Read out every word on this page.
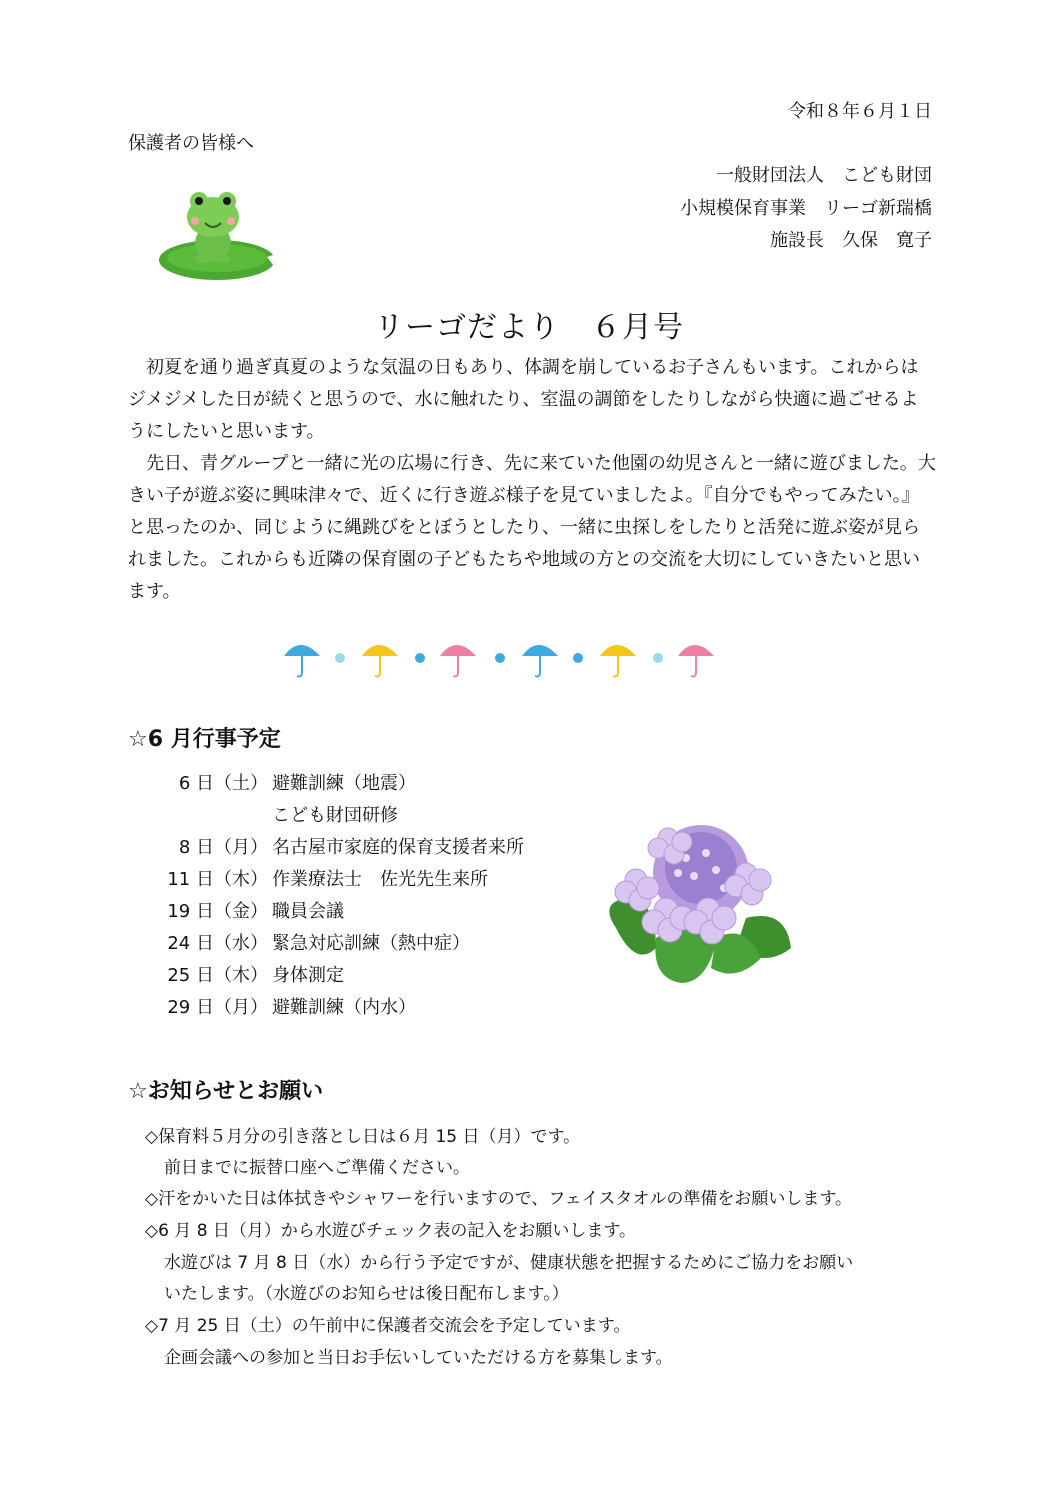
令和８年６月１日
保護者の皆様へ
一般財団法人　こども財団
小規模保育事業　リーゴ新瑞橋
施設長　久保　寛子
リーゴだより　６月号

　初夏を通り過ぎ真夏のような気温の日もあり、体調を崩しているお子さんもいます。これからはジメジメした日が続くと思うので、水に触れたり、室温の調節をしたりしながら快適に過ごせるようにしたいと思います。

　先日、青グループと一緒に光の広場に行き、先に来ていた他園の幼児さんと一緒に遊びました。大きい子が遊ぶ姿に興味津々で、近くに行き遊ぶ様子を見ていましたよ。『自分でもやってみたい。』と思ったのか、同じように縄跳びをとぼうとしたり、一緒に虫探しをしたりと活発に遊ぶ姿が見られました。これからも近隣の保育園の子どもたちや地域の方との交流を大切にしていきたいと思います。

☆6 月行事予定
6 日（土） 避難訓練（地震）
こども財団研修
8 日（月） 名古屋市家庭的保育支援者来所
11 日（木） 作業療法士　佐光先生来所
19 日（金） 職員会議
24 日（水） 緊急対応訓練（熱中症）
25 日（木） 身体測定
29 日（月） 避難訓練（内水）
☆お知らせとお願い
◇保育料５月分の引き落とし日は６月 15 日（月）です。
前日までに振替口座へご準備ください。
◇汗をかいた日は体拭きやシャワーを行いますので、フェイスタオルの準備をお願いします。
◇6 月 8 日（月）から水遊びチェック表の記入をお願いします。
水遊びは 7 月 8 日（水）から行う予定ですが、健康状態を把握するためにご協力をお願い
いたします。（水遊びのお知らせは後日配布します。）
◇7 月 25 日（土）の午前中に保護者交流会を予定しています。
企画会議への参加と当日お手伝いしていただける方を募集します。
